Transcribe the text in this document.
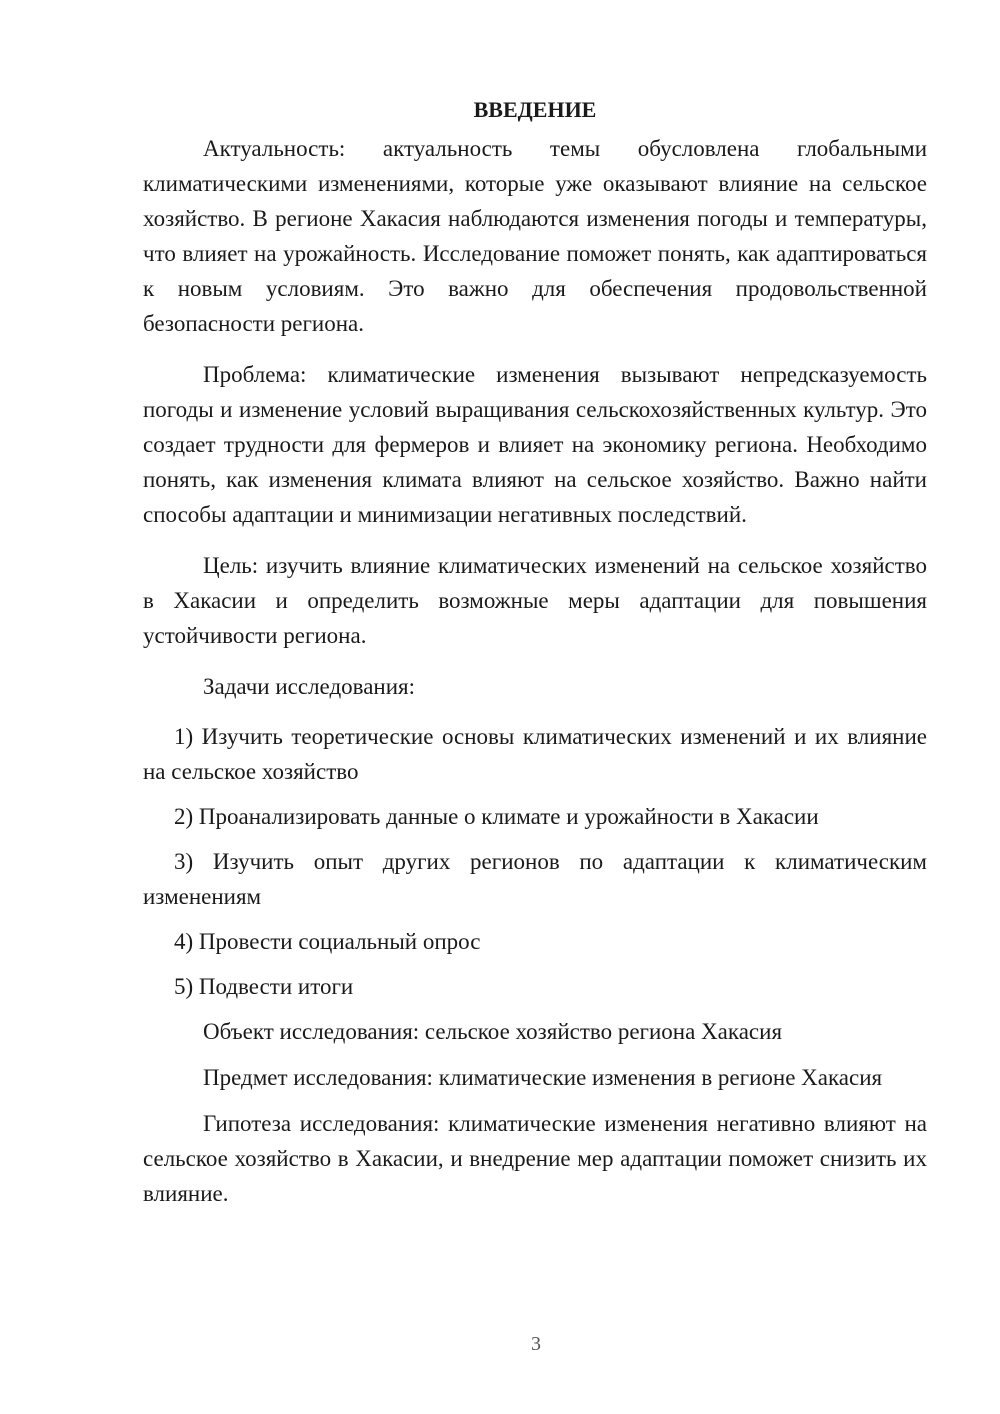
ВВЕДЕНИЕ

Актуальность: актуальность темы обусловлена глобальными климатическими изменениями, которые уже оказывают влияние на сельское хозяйство. В регионе Хакасия наблюдаются изменения погоды и температуры, что влияет на урожайность. Исследование поможет понять, как адаптироваться к новым условиям. Это важно для обеспечения продовольственной безопасности региона.

Проблема: климатические изменения вызывают непредсказуемость погоды и изменение условий выращивания сельскохозяйственных культур. Это создает трудности для фермеров и влияет на экономику региона. Необходимо понять, как изменения климата влияют на сельское хозяйство. Важно найти способы адаптации и минимизации негативных последствий.

Цель: изучить влияние климатических изменений на сельское хозяйство в Хакасии и определить возможные меры адаптации для повышения устойчивости региона.

Задачи исследования:

1) Изучить теоретические основы климатических изменений и их влияние на сельское хозяйство

2) Проанализировать данные о климате и урожайности в Хакасии

3) Изучить опыт других регионов по адаптации к климатическим изменениям

4) Провести социальный опрос

5) Подвести итоги

Объект исследования: сельское хозяйство региона Хакасия

Предмет исследования: климатические изменения в регионе Хакасия

Гипотеза исследования: климатические изменения негативно влияют на сельское хозяйство в Хакасии, и внедрение мер адаптации поможет снизить их влияние.

3
